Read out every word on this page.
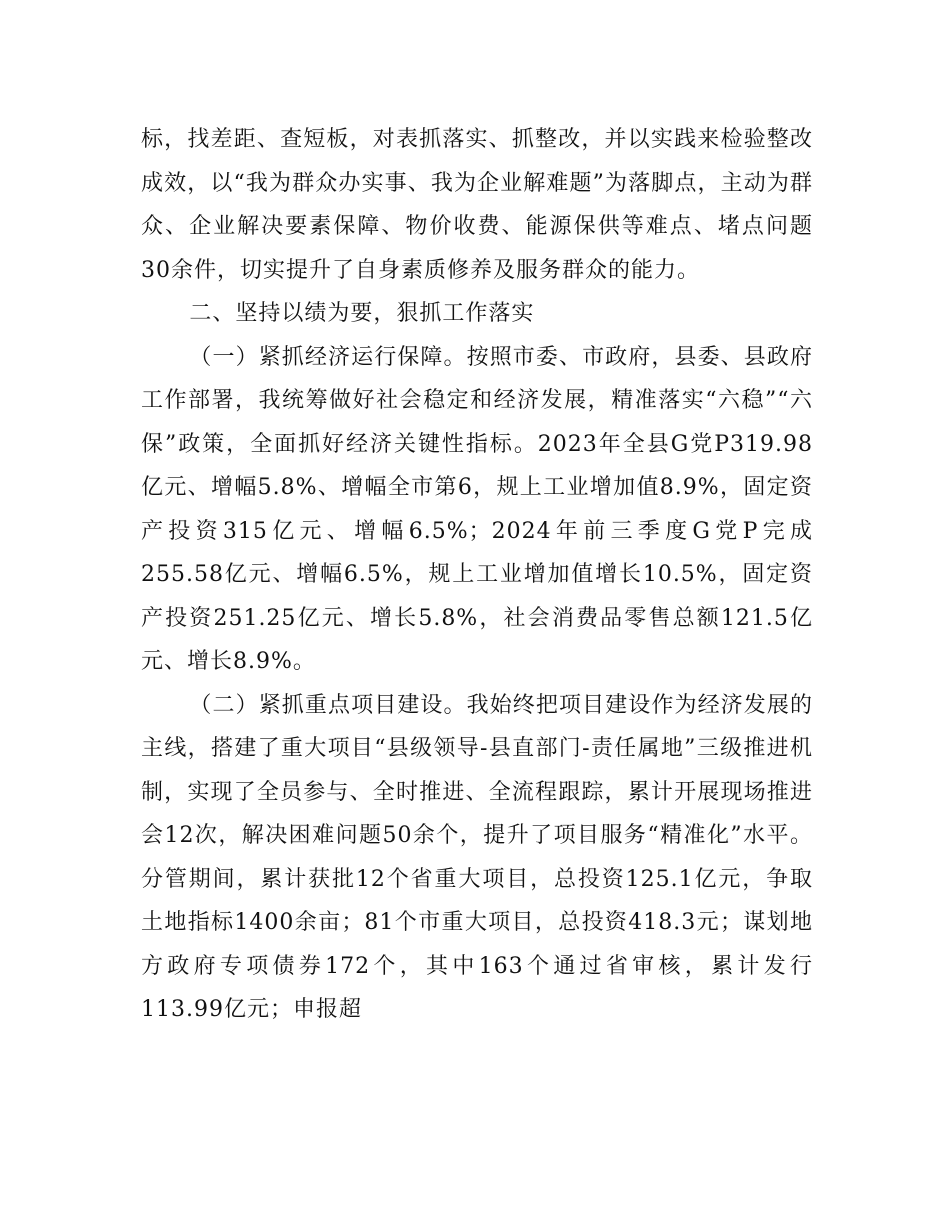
标，找差距、查短板，对表抓落实、抓整改，并以实践来检验整改成效，以“我为群众办实事、我为企业解难题”为落脚点，主动为群众、企业解决要素保障、物价收费、能源保供等难点、堵点问题30余件，切实提升了自身素质修养及服务群众的能力。

二、坚持以绩为要，狠抓工作落实

（一）紧抓经济运行保障。按照市委、市政府，县委、县政府工作部署，我统筹做好社会稳定和经济发展，精准落实“六稳”“六保”政策，全面抓好经济关键性指标。2023年全县G党P319.98亿元、增幅5.8%、增幅全市第6，规上工业增加值8.9%，固定资产投资315亿元、增幅6.5%；2024年前三季度G党P完成255.58亿元、增幅6.5%，规上工业增加值增长10.5%，固定资产投资251.25亿元、增长5.8%，社会消费品零售总额121.5亿元、增长8.9%。

（二）紧抓重点项目建设。我始终把项目建设作为经济发展的主线，搭建了重大项目“县级领导-县直部门-责任属地”三级推进机制，实现了全员参与、全时推进、全流程跟踪，累计开展现场推进会12次，解决困难问题50余个，提升了项目服务“精准化”水平。分管期间，累计获批12个省重大项目，总投资125.1亿元，争取土地指标1400余亩；81个市重大项目，总投资418.3元；谋划地方政府专项债券172个，其中163个通过省审核，累计发行113.99亿元；申报超
